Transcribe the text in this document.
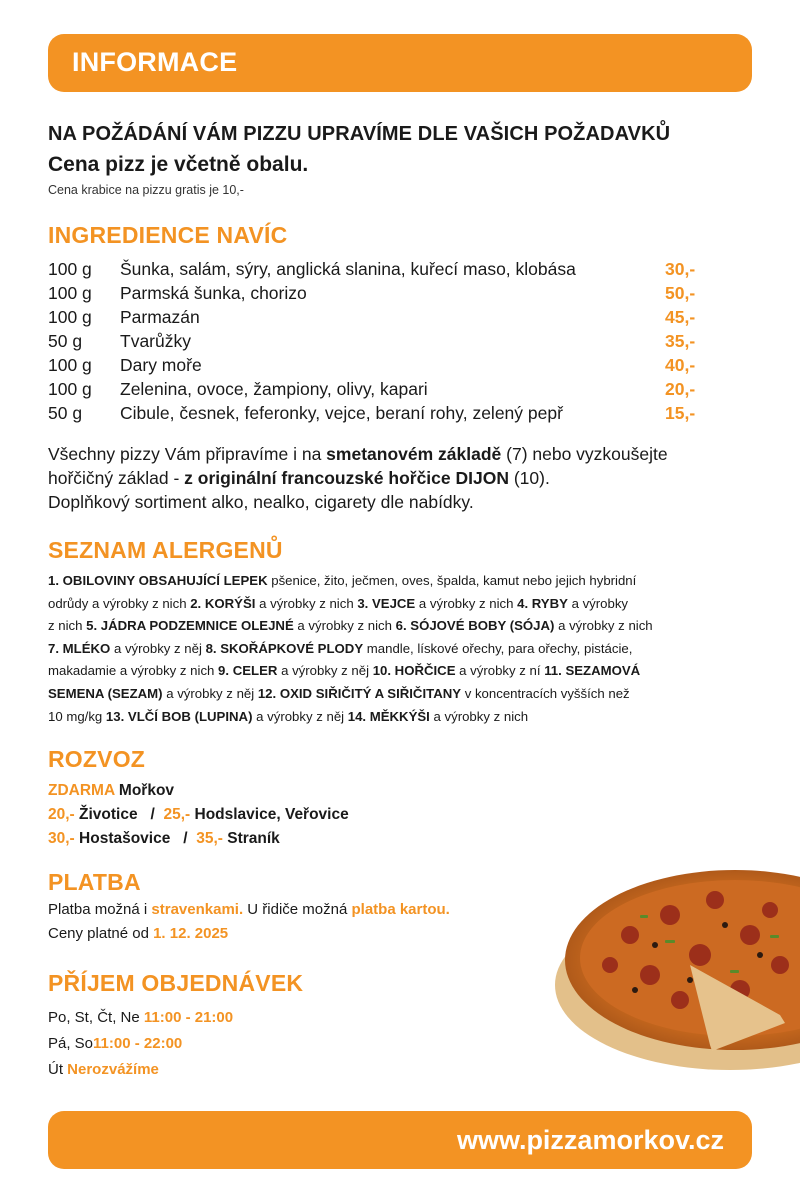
INFORMACE
NA POŽÁDÁNÍ VÁM PIZZU UPRAVÍME DLE VAŠICH POŽADAVKŮ
Cena pizz je včetně obalu.
Cena krabice na pizzu gratis je 10,-
INGREDIENCE NAVÍC
100 g Šunka, salám, sýry, anglická slanina, kuřecí maso, klobása	30,-
100 g Parmská šunka, chorizo	50,-
100 g Parmazán	45,-
50 g Tvarůžky	35,-
100 g Dary moře	40,-
100 g Zelenina, ovoce, žampiony, olivy, kapari	20,-
50 g Cibule, česnek, feferonky, vejce, beraní rohy, zelený pepř	15,-
Všechny pizzy Vám připravíme i na smetanovém základě (7) nebo vyzkoušejte
hořčičný základ - z originální francouzské hořčice DIJON (10).
Doplňkový sortiment alko, nealko, cigarety dle nabídky.
SEZNAM ALERGENŮ
1. OBILOVINY OBSAHUJÍCÍ LEPEK pšenice, žito, ječmen, oves, špalda, kamut nebo jejich hybridní
odrůdy a výrobky z nich 2. KORÝŠI a výrobky z nich 3. VEJCE a výrobky z nich 4. RYBY a výrobky
z nich 5. JÁDRA PODZEMNICE OLEJNÉ a výrobky z nich 6. SÓJOVÉ BOBY (SÓJA) a výrobky z nich
7. MLÉKO a výrobky z něj 8. SKOŘÁPKOVÉ PLODY mandle, lískové ořechy, para ořechy, pistácie,
makadamie a výrobky z nich 9. CELER a výrobky z něj 10. HOŘČICE a výrobky z ní 11. SEZAMOVÁ
SEMENA (SEZAM) a výrobky z něj 12. OXID SIŘIČITÝ A SIŘIČITANY v koncentracích vyšších než
10 mg/kg 13. VLČÍ BOB (LUPINA) a výrobky z něj 14. MĚKKÝŠI a výrobky z nich
ROZVOZ
ZDARMA Mořkov
20,- Životice / 25,- Hodslavice, Veřovice
30,- Hostašovice / 35,- Straník
PLATBA
Platba možná i stravenkami. U řidiče možná platba kartou.
Ceny platné od 1. 12. 2025
PŘÍJEM OBJEDNÁVEK
Po, St, Čt, Ne 11:00 - 21:00
Pá, So11:00 - 22:00
Út Nerozvážíme
www.pizzamorkov.cz
